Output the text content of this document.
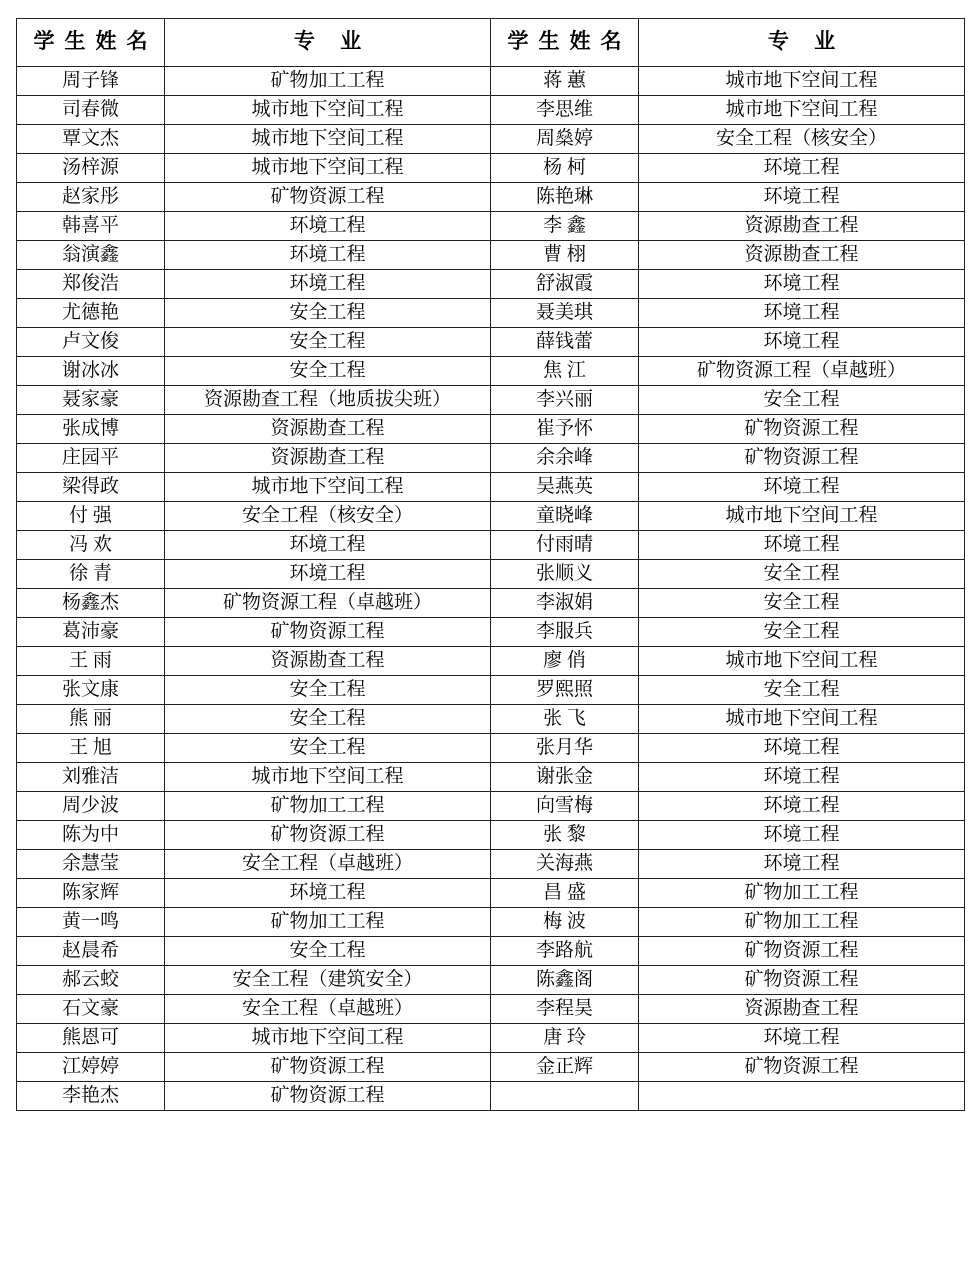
学生姓名	专 业	学生姓名	专 业
周子锋	矿物加工工程	蒋 蕙	城市地下空间工程
司春微	城市地下空间工程	李思维	城市地下空间工程
覃文杰	城市地下空间工程	周燊婷	安全工程（核安全）
汤梓源	城市地下空间工程	杨 柯	环境工程
赵家彤	矿物资源工程	陈艳琳	环境工程
韩喜平	环境工程	李 鑫	资源勘查工程
翁演鑫	环境工程	曹 栩	资源勘查工程
郑俊浩	环境工程	舒淑霞	环境工程
尤德艳	安全工程	聂美琪	环境工程
卢文俊	安全工程	薛钱蕾	环境工程
谢冰冰	安全工程	焦 江	矿物资源工程（卓越班）
聂家豪	资源勘查工程（地质拔尖班）	李兴丽	安全工程
张成博	资源勘查工程	崔予怀	矿物资源工程
庄园平	资源勘查工程	余余峰	矿物资源工程
梁得政	城市地下空间工程	吴燕英	环境工程
付 强	安全工程（核安全）	童晓峰	城市地下空间工程
冯 欢	环境工程	付雨晴	环境工程
徐 青	环境工程	张顺义	安全工程
杨鑫杰	矿物资源工程（卓越班）	李淑娟	安全工程
葛沛豪	矿物资源工程	李服兵	安全工程
王 雨	资源勘查工程	廖 俏	城市地下空间工程
张文康	安全工程	罗熙照	安全工程
熊 丽	安全工程	张 飞	城市地下空间工程
王 旭	安全工程	张月华	环境工程
刘雅洁	城市地下空间工程	谢张金	环境工程
周少波	矿物加工工程	向雪梅	环境工程
陈为中	矿物资源工程	张 黎	环境工程
余慧莹	安全工程（卓越班）	关海燕	环境工程
陈家辉	环境工程	昌 盛	矿物加工工程
黄一鸣	矿物加工工程	梅 波	矿物加工工程
赵晨希	安全工程	李路航	矿物资源工程
郝云蛟	安全工程（建筑安全）	陈鑫阁	矿物资源工程
石文豪	安全工程（卓越班）	李程昊	资源勘查工程
熊恩可	城市地下空间工程	唐 玲	环境工程
江婷婷	矿物资源工程	金正辉	矿物资源工程
李艳杰	矿物资源工程		
